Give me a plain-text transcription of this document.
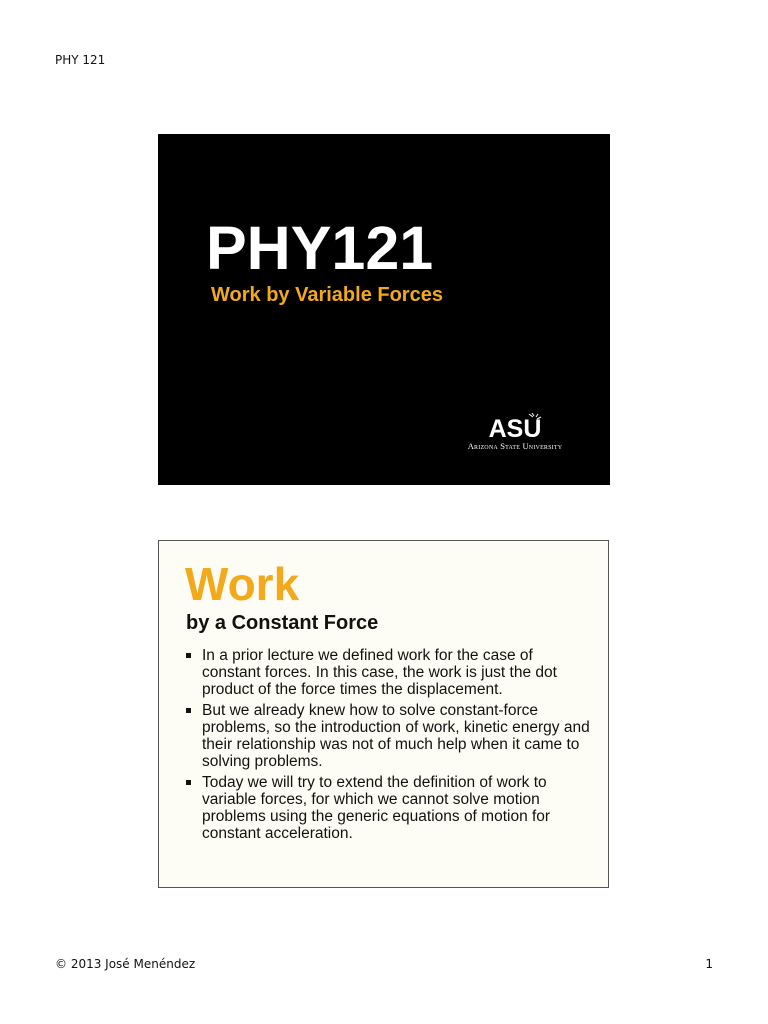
PHY 121
PHY121
Work by Variable Forces
ASU
Arizona State University
Work
by a Constant Force
In a prior lecture we defined work for the case of constant forces. In this case, the work is just the dot product of the force times the displacement.
But we already knew how to solve constant-force problems, so the introduction of work, kinetic energy and their relationship was not of much help when it came to solving problems.
Today we will try to extend the definition of work to variable forces, for which we cannot solve motion problems using the generic equations of motion for constant acceleration.
© 2013 José Menéndez	1
